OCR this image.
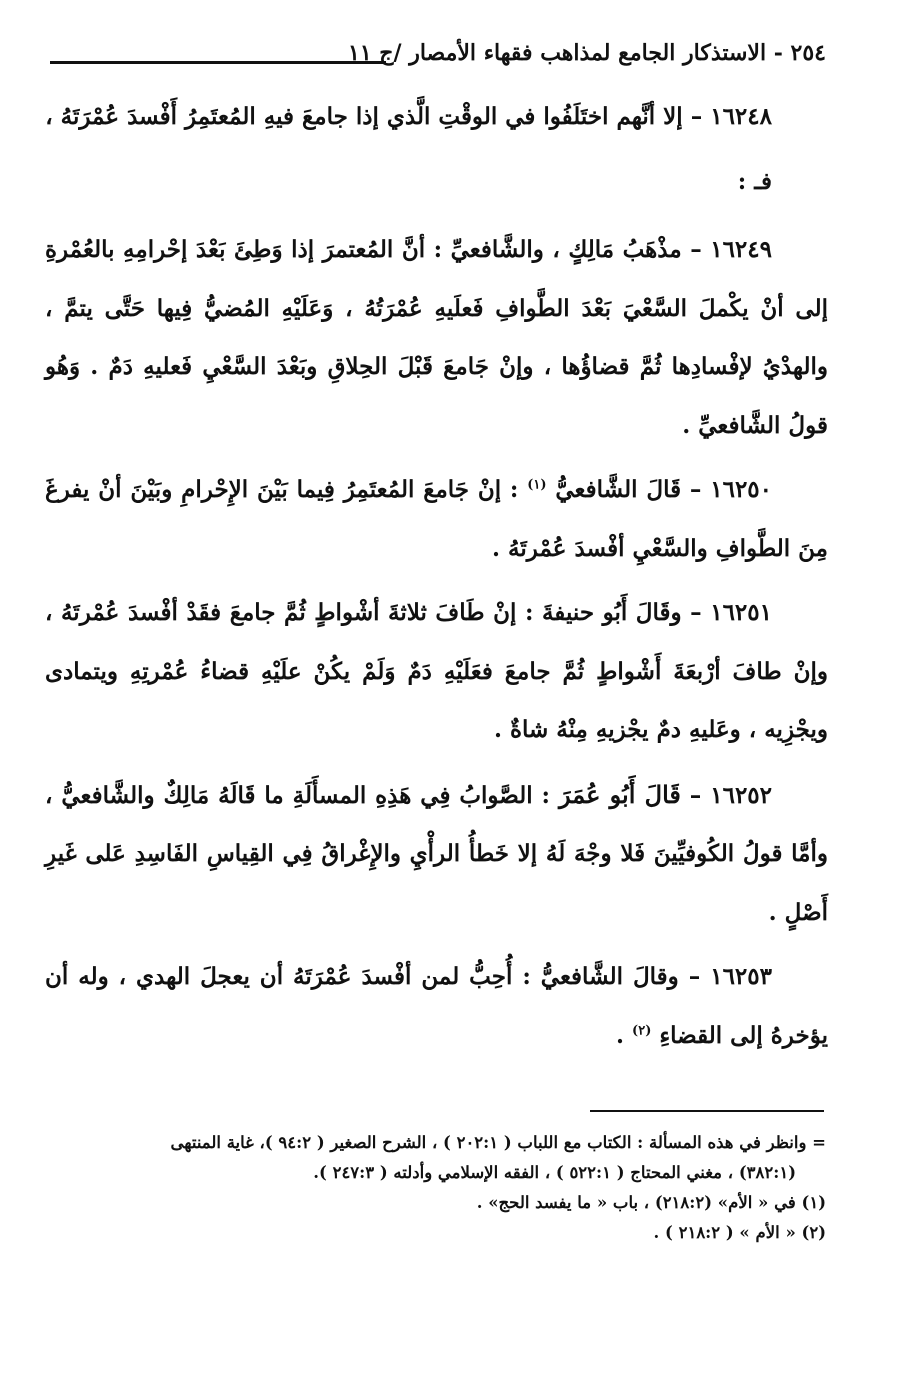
٢٥٤ - الاستذكار الجامع لمذاهب فقهاء الأمصار /ج ١١

١٦٢٤٨ – إلا أنَّهم اختَلَفُوا في الوقْتِ الَّذي إذا جامعَ فيهِ المُعتَمِرُ أَفْسدَ عُمْرَتَهُ ،

فـ :

١٦٢٤٩ – مذْهَبُ مَالِكٍ ، والشَّافعيِّ : أنَّ المُعتمرَ إذا وَطِئَ بَعْدَ إحْرامِهِ بالعُمْرةِ إلى أنْ يكْملَ السَّعْيَ بَعْدَ الطَّوافِ فَعلَيهِ عُمْرَتُهُ ، وَعَلَيْهِ المُضيُّ فِيها حَتَّى يتمَّ ، والهدْيُ لإفْسادِها ثُمَّ قضاؤُها ، وإنْ جَامعَ قَبْلَ الحِلاقِ وبَعْدَ السَّعْيِ فَعليهِ دَمٌ . وَهُو قولُ الشَّافعيِّ .

١٦٢٥٠ – قَالَ الشَّافعيُّ $^{(١)}$ : إنْ جَامعَ المُعتَمِرُ فِيما بَيْنَ الإِحْرامِ وبَيْنَ أنْ يفرغَ مِنَ الطَّوافِ والسَّعْيِ أفْسدَ عُمْرتَهُ .

١٦٢٥١ – وقَالَ أَبُو حنيفةَ : إنْ طَافَ ثلاثةَ أشْواطٍ ثُمَّ جامعَ فقَدْ أفْسدَ عُمْرتَهُ ، وإنْ طافَ أرْبعَةَ أَشْواطٍ ثُمَّ جامعَ فعَلَيْهِ دَمٌ وَلَمْ يكُنْ علَيْهِ قضاءُ عُمْرتِهِ ويتمادى ويجْزِيه ، وعَليهِ دمٌ يجْزيهِ مِنْهُ شاةٌ .

١٦٢٥٢ – قَالَ أَبُو عُمَرَ : الصَّوابُ فِي هَذِهِ المسأَلَةِ ما قَالَهُ مَالِكٌ والشَّافعيُّ ، وأمَّا قولُ الكُوفيِّينَ فَلا وجْهَ لَهُ إلا خَطأُ الرأْيِ والإِغْراقُ فِي القِياسِ الفَاسِدِ عَلى غَيرِ أَصْلٍ .

١٦٢٥٣ – وقالَ الشَّافعيُّ : أُحِبُّ لمن أفْسدَ عُمْرَتَهُ أن يعجلَ الهدي ، وله أن يؤخرهُ إلى القضاءِ $^{(٢)}$ .

= وانظر في هذه المسألة : الكتاب مع اللباب ( ٢٠٢:١ ) ، الشرح الصغير ( ٩٤:٢ )، غاية المنتهى

(٣٨٢:١) ، مغني المحتاج ( ٥٢٢:١ ) ، الفقه الإسلامي وأدلته ( ٢٤٧:٣ ).

(١) في « الأم» (٢١٨:٢) ، باب « ما يفسد الحج» .

(٢) « الأم » ( ٢١٨:٢ ) .
